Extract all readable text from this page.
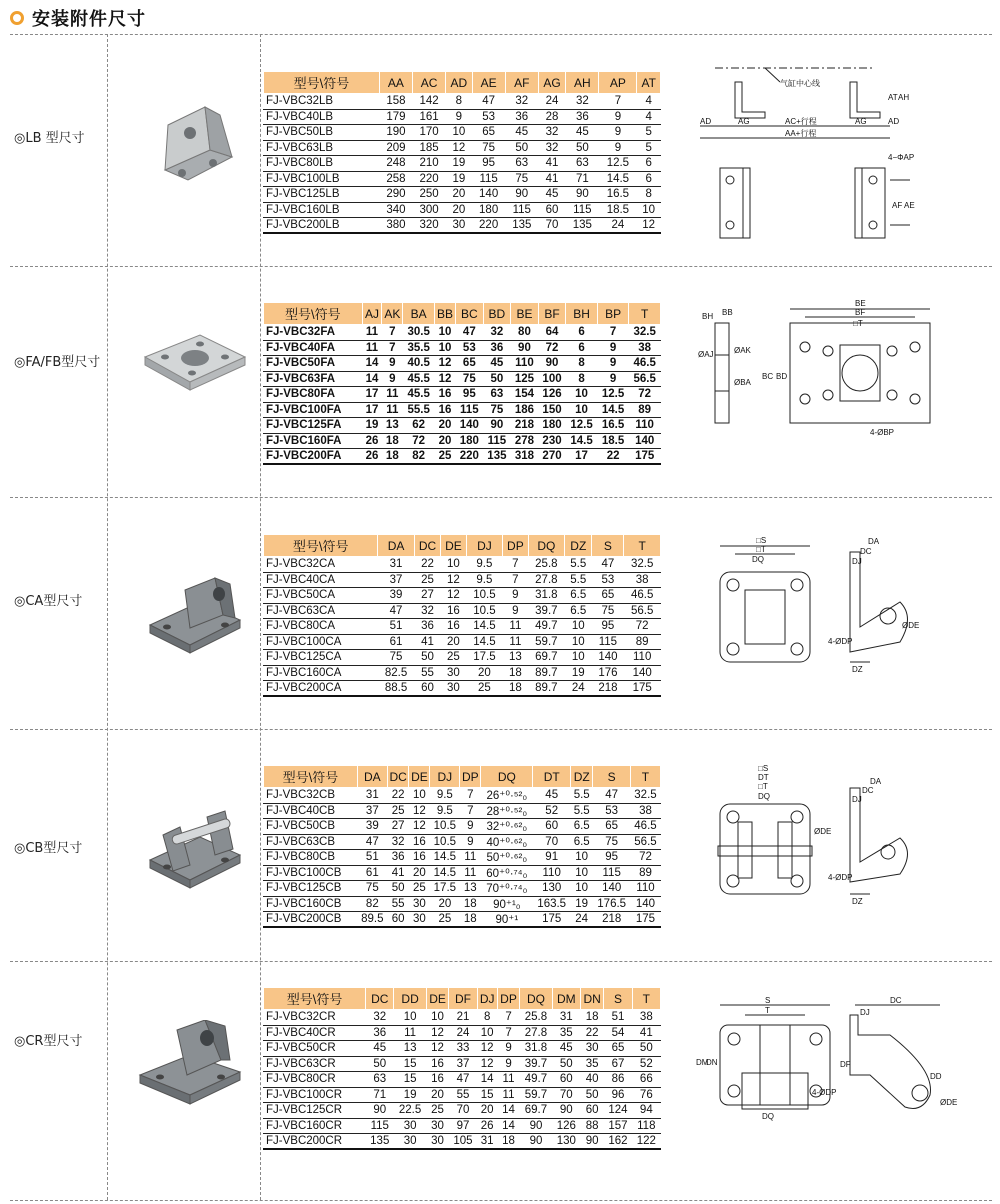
安装附件尺寸
◎LB 型尺寸
◎FA/FB型尺寸
◎CA型尺寸
◎CB型尺寸
◎CR型尺寸
型号\符号	AA	AC	AD	AE	AF	AG	AH	AP	AT
FJ-VBC32LB	158	142	8	47	32	24	32	7	4
FJ-VBC40LB	179	161	9	53	36	28	36	9	4
FJ-VBC50LB	190	170	10	65	45	32	45	9	5
FJ-VBC63LB	209	185	12	75	50	32	50	9	5
FJ-VBC80LB	248	210	19	95	63	41	63	12.5	6
FJ-VBC100LB	258	220	19	115	75	41	71	14.5	6
FJ-VBC125LB	290	250	20	140	90	45	90	16.5	8
FJ-VBC160LB	340	300	20	180	115	60	115	18.5	10
FJ-VBC200LB	380	320	30	220	135	70	135	24	12
型号\符号	AJ	AK	BA	BB	BC	BD	BE	BF	BH	BP	T
FJ-VBC32FA	11	7	30.5	10	47	32	80	64	6	7	32.5
FJ-VBC40FA	11	7	35.5	10	53	36	90	72	6	9	38
FJ-VBC50FA	14	9	40.5	12	65	45	110	90	8	9	46.5
FJ-VBC63FA	14	9	45.5	12	75	50	125	100	8	9	56.5
FJ-VBC80FA	17	11	45.5	16	95	63	154	126	10	12.5	72
FJ-VBC100FA	17	11	55.5	16	115	75	186	150	10	14.5	89
FJ-VBC125FA	19	13	62	20	140	90	218	180	12.5	16.5	110
FJ-VBC160FA	26	18	72	20	180	115	278	230	14.5	18.5	140
FJ-VBC200FA	26	18	82	25	220	135	318	270	17	22	175
型号\符号	DA	DC	DE	DJ	DP	DQ	DZ	S	T
FJ-VBC32CA	31	22	10	9.5	7	25.8	5.5	47	32.5
FJ-VBC40CA	37	25	12	9.5	7	27.8	5.5	53	38
FJ-VBC50CA	39	27	12	10.5	9	31.8	6.5	65	46.5
FJ-VBC63CA	47	32	16	10.5	9	39.7	6.5	75	56.5
FJ-VBC80CA	51	36	16	14.5	11	49.7	10	95	72
FJ-VBC100CA	61	41	20	14.5	11	59.7	10	115	89
FJ-VBC125CA	75	50	25	17.5	13	69.7	10	140	110
FJ-VBC160CA	82.5	55	30	20	18	89.7	19	176	140
FJ-VBC200CA	88.5	60	30	25	18	89.7	24	218	175
型号\符号	DA	DC	DE	DJ	DP	DQ	DT	DZ	S	T
FJ-VBC32CB	31	22	10	9.5	7	26⁺⁰·⁵²₀	45	5.5	47	32.5
FJ-VBC40CB	37	25	12	9.5	7	28⁺⁰·⁵²₀	52	5.5	53	38
FJ-VBC50CB	39	27	12	10.5	9	32⁺⁰·⁶²₀	60	6.5	65	46.5
FJ-VBC63CB	47	32	16	10.5	9	40⁺⁰·⁶²₀	70	6.5	75	56.5
FJ-VBC80CB	51	36	16	14.5	11	50⁺⁰·⁶²₀	91	10	95	72
FJ-VBC100CB	61	41	20	14.5	11	60⁺⁰·⁷⁴₀	110	10	115	89
FJ-VBC125CB	75	50	25	17.5	13	70⁺⁰·⁷⁴₀	130	10	140	110
FJ-VBC160CB	82	55	30	20	18	90⁺¹₀	163.5	19	176.5	140
FJ-VBC200CB	89.5	60	30	25	18	90⁺¹	175	24	218	175
型号\符号	DC	DD	DE	DF	DJ	DP	DQ	DM	DN	S	T
FJ-VBC32CR	32	10	10	21	8	7	25.8	31	18	51	38
FJ-VBC40CR	36	11	12	24	10	7	27.8	35	22	54	41
FJ-VBC50CR	45	13	12	33	12	9	31.8	45	30	65	50
FJ-VBC63CR	50	15	16	37	12	9	39.7	50	35	67	52
FJ-VBC80CR	63	15	16	47	14	11	49.7	60	40	86	66
FJ-VBC100CR	71	19	20	55	15	11	59.7	70	50	96	76
FJ-VBC125CR	90	22.5	25	70	20	14	69.7	90	60	124	94
FJ-VBC160CR	115	30	30	97	26	14	90	126	88	157	118
FJ-VBC200CR	135	30	30	105	31	18	90	130	90	162	122
气缸中心线
AT AH
AD	AG	AC+行程	AG	AD
AA+行程
4−ΦAP
AF AE
BH BB
ØAJ	ØAK
ØBA
BC BD
BE
BF
□T
4-ØBP
□S
□T
DQ
DA
DC
DJ
ØDE
4-ØDP
DZ
□S
DT
□T
DQ
ØDE
DA
DC
DJ
4-ØDP
DZ
S
T
DM
DN
4-ØDP
DQ
DJ
DC
DF
DD
ØDE
